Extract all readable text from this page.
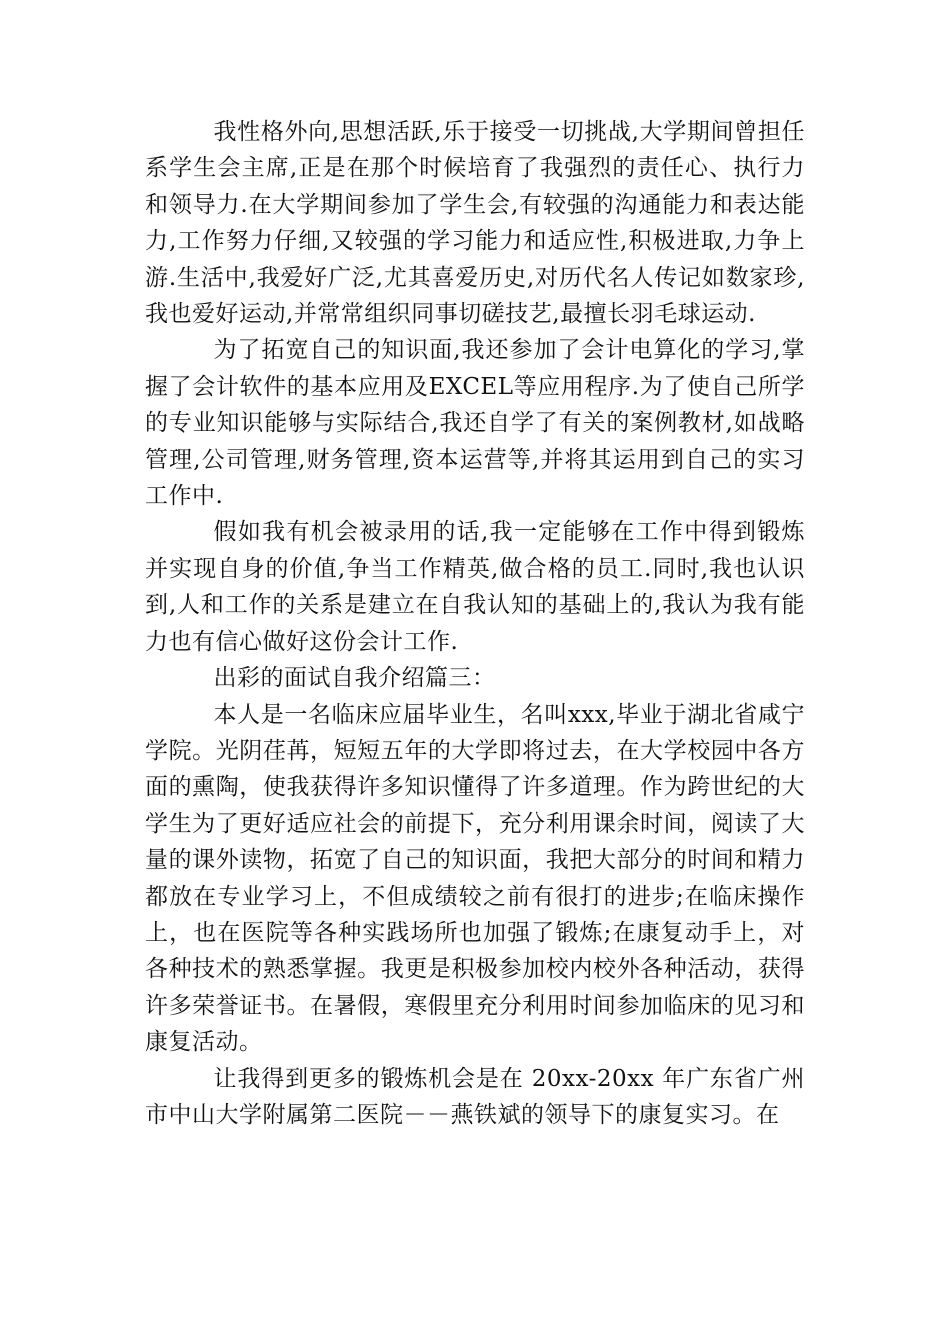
我性格外向,思想活跃,乐于接受一切挑战,大学期间曾担任系学生会主席,正是在那个时候培育了我强烈的责任心、执行力和领导力.在大学期间参加了学生会,有较强的沟通能力和表达能力,工作努力仔细,又较强的学习能力和适应性,积极进取,力争上游.生活中,我爱好广泛,尤其喜爱历史,对历代名人传记如数家珍,我也爱好运动,并常常组织同事切磋技艺,最擅长羽毛球运动.

为了拓宽自己的知识面,我还参加了会计电算化的学习,掌握了会计软件的基本应用及EXCEL等应用程序.为了使自己所学的专业知识能够与实际结合,我还自学了有关的案例教材,如战略管理,公司管理,财务管理,资本运营等,并将其运用到自己的实习工作中.

假如我有机会被录用的话,我一定能够在工作中得到锻炼并实现自身的价值,争当工作精英,做合格的员工.同时,我也认识到,人和工作的关系是建立在自我认知的基础上的,我认为我有能力也有信心做好这份会计工作.

出彩的面试自我介绍篇三：

本人是一名临床应届毕业生，名叫xxx,毕业于湖北省咸宁学院。光阴荏苒，短短五年的大学即将过去，在大学校园中各方面的熏陶，使我获得许多知识懂得了许多道理。作为跨世纪的大学生为了更好适应社会的前提下，充分利用课余时间，阅读了大量的课外读物，拓宽了自己的知识面，我把大部分的时间和精力都放在专业学习上，不但成绩较之前有很打的进步;在临床操作上，也在医院等各种实践场所也加强了锻炼;在康复动手上，对各种技术的熟悉掌握。我更是积极参加校内校外各种活动，获得许多荣誉证书。在暑假，寒假里充分利用时间参加临床的见习和康复活动。

让我得到更多的锻炼机会是在 20xx-20xx 年广东省广州市中山大学附属第二医院－－燕铁斌的领导下的康复实习。在
